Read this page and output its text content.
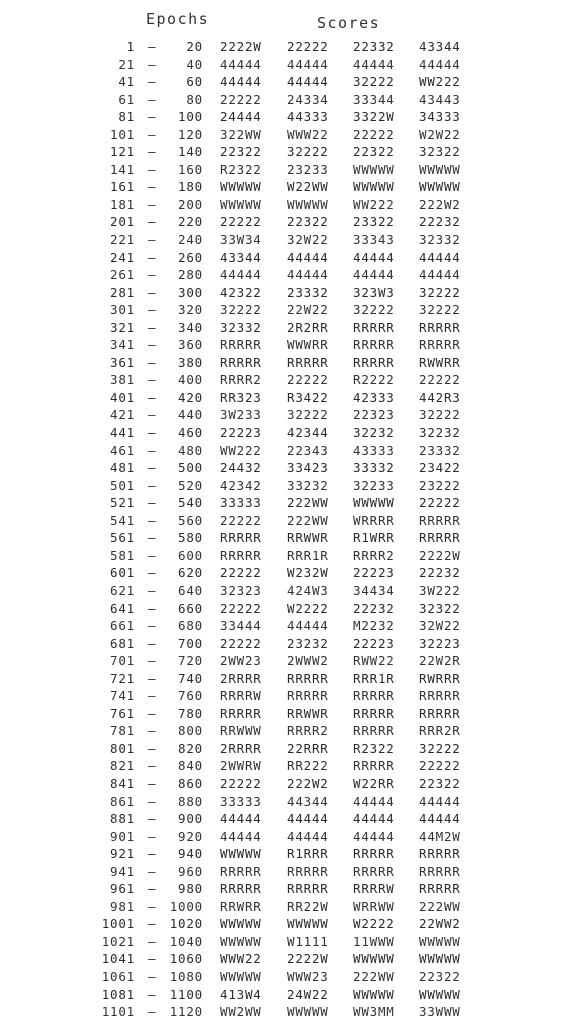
Epochs	Scores
1 –	20 2222W 22222 22332 43344
21 –	40 44444 44444 44444 44444
41 –	60 44444 44444 32222 WW222
61 –	80 22222 24334 33344 43443
81 –	100 24444 44333 3322W 34333
101 –	120 322WW WWW22 22222 W2W22
121 –	140 22322 32222 22322 32322
141 –	160 R2322 23233 WWWWW WWWWW
161 –	180 WWWWW W22WW WWWWW WWWWW
181 –	200 WWWWW WWWWW WW222 222W2
201 –	220 22222 22322 23322 22232
221 –	240 33W34 32W22 33343 32332
241 –	260 43344 44444 44444 44444
261 –	280 44444 44444 44444 44444
281 –	300 42322 23332 323W3 32222
301 –	320 32222 22W22 32222 32222
321 –	340 32332 2R2RR RRRRR RRRRR
341 –	360 RRRRR WWWRR RRRRR RRRRR
361 –	380 RRRRR RRRRR RRRRR RWWRR
381 –	400 RRRR2 22222 R2222 22222
401 –	420 RR323 R3422 42333 442R3
421 –	440 3W233 32222 22323 32222
441 –	460 22223 42344 32232 32232
461 –	480 WW222 22343 43333 23332
481 –	500 24432 33423 33332 23422
501 –	520 42342 33232 32233 23222
521 –	540 33333 222WW WWWWW 22222
541 –	560 22222 222WW WRRRR RRRRR
561 –	580 RRRRR RRWWR R1WRR RRRRR
581 –	600 RRRRR RRR1R RRRR2 2222W
601 –	620 22222 W232W 22223 22232
621 –	640 32323 424W3 34434 3W222
641 –	660 22222 W2222 22232 32322
661 –	680 33444 44444 M2232 32W22
681 –	700 22222 23232 22223 32223
701 –	720 2WW23 2WWW2 RWW22 22W2R
721 –	740 2RRRR RRRRR RRR1R RWRRR
741 –	760 RRRRW RRRRR RRRRR RRRRR
761 –	780 RRRRR RRWWR RRRRR RRRRR
781 –	800 RRWWW RRRR2 RRRRR RRR2R
801 –	820 2RRRR 22RRR R2322 32222
821 –	840 2WWRW RR222 RRRRR 22222
841 –	860 22222 222W2 W22RR 22322
861 –	880 33333 44344 44444 44444
881 –	900 44444 44444 44444 44444
901 –	920 44444 44444 44444 44M2W
921 –	940 WWWWW R1RRR RRRRR RRRRR
941 –	960 RRRRR RRRRR RRRRR RRRRR
961 –	980 RRRRR RRRRR RRRRW RRRRR
981 –	1000 RRWRR RR22W WRRWW 222WW
1001 –	1020 WWWWW WWWWW W2222 22WW2
1021 –	1040 WWWWW W1111 11WWW WWWWW
1041 –	1060 WWW22 2222W WWWWW WWWWW
1061 –	1080 WWWWW WWW23 222WW 22322
1081 –	1100 413W4 24W22 WWWWW WWWWW
1101 –	1120 WW2WW WWWWW WW3MM 33WWW
